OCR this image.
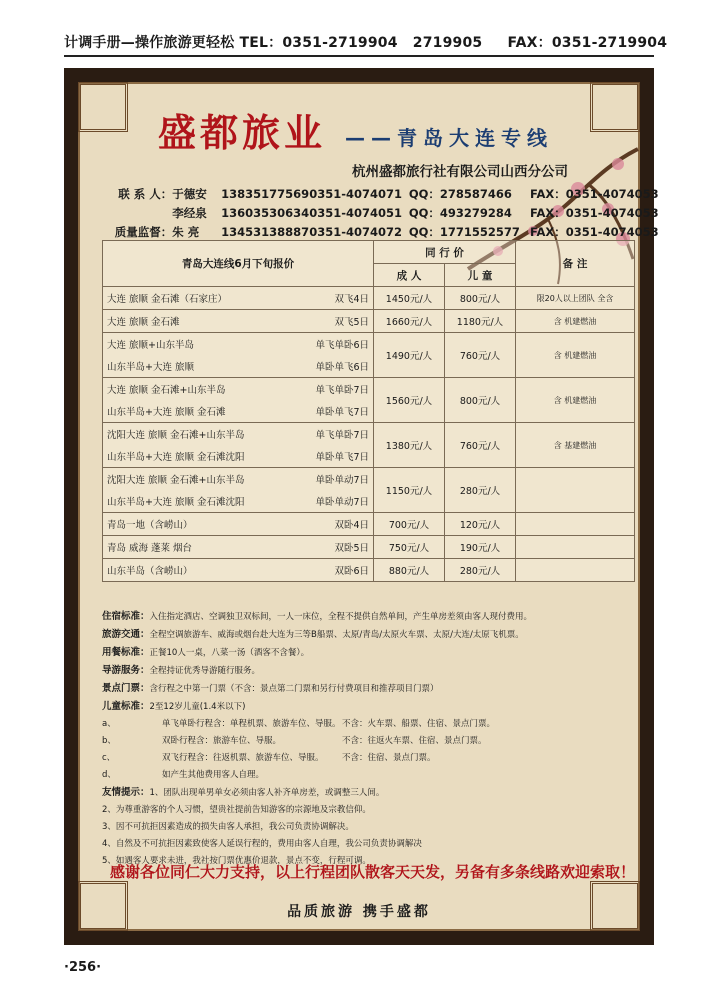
计调手册—操作旅游更轻松 TEL：0351-2719904 2719905 FAX：0351-2719904
盛都旅业 ——青岛大连专线
杭州盛都旅行社有限公司山西分公司
联 系 人： 于德安	13835177569 0351-4074071 QQ：278587466	FAX：0351-4074053
李经泉	13603530634 0351-4074051 QQ：493279284	FAX：0351-4074053
质量监督： 朱 亮	13453138887 0351-4074072 QQ：1771552577 FAX：0351-4074053
青岛大连线6月下旬报价	同 行 价		备 注
	成 人	儿 童	

大连 旅顺 金石滩（石家庄） 双飞4日	1450元/人	800元/人	限20人以上团队 全含

大连 旅顺 金石滩 双飞5日	1660元/人	1180元/人	含 机建燃油

大连 旅顺+山东半岛 单飞单卧6日
山东半岛+大连 旅顺 单卧单飞6日	1490元/人	760元/人	含 机建燃油

大连 旅顺 金石滩+山东半岛 单飞单卧7日
山东半岛+大连 旅顺 金石滩 单卧单飞7日	1560元/人	800元/人	含 机建燃油

沈阳大连 旅顺 金石滩+山东半岛 单飞单卧7日
山东半岛+大连 旅顺 金石滩沈阳 单卧单飞7日	1380元/人	760元/人	含 基建燃油

沈阳大连 旅顺 金石滩+山东半岛 单卧单动7日
山东半岛+大连 旅顺 金石滩沈阳 单卧单动7日	1150元/人	280元/人	

青岛一地（含崂山） 双卧4日	700元/人	120元/人	

青岛 威海 蓬莱 烟台 双卧5日	750元/人	190元/人	

山东半岛（含崂山） 双卧6日	880元/人	280元/人	
住宿标准：入住指定酒店、空调独卫双标间，一人一床位，全程不提供自然单间，产生单房差须由客人现付费用。
旅游交通：全程空调旅游车、威海或烟台赴大连为三等B船票、太原/青岛/太原火车票、太原/大连/太原飞机票。
用餐标准：正餐10人一桌，八菜一汤（酒客不含餐）。
导游服务：全程持证优秀导游随行服务。
景点门票：含行程之中第一门票（不含：景点第二门票和另行付费项目和推荐项目门票）
儿童标准：2至12岁儿童(1.4米以下)
a、	单飞单卧行程含：单程机票、旅游车位、导服。 不含：火车票、船票、住宿、景点门票。
b、	双卧行程含：旅游车位、导服。	不含：往返火车票、住宿、景点门票。
c、	双飞行程含：往返机票、旅游车位、导服。	不含：住宿、景点门票。
d、	如产生其他费用客人自理。
友情提示：1、团队出现单男单女必须由客人补齐单房差，或调整三人间。
2、为尊重游客的个人习惯，望贵社提前告知游客的宗源地及宗教信仰。
3、因不可抗拒因素造成的损失由客人承担，我公司负责协调解决。
4、自然及不可抗拒因素致使客人延误行程的，费用由客人自理，我公司负责协调解决
5、如遇客人要求未进，我社按门票优惠价退款，景点不变，行程可调。
感谢各位同仁大力支持，以上行程团队散客天天发，另备有多条线路欢迎索取！
品质旅游 携手盛都
·256·
